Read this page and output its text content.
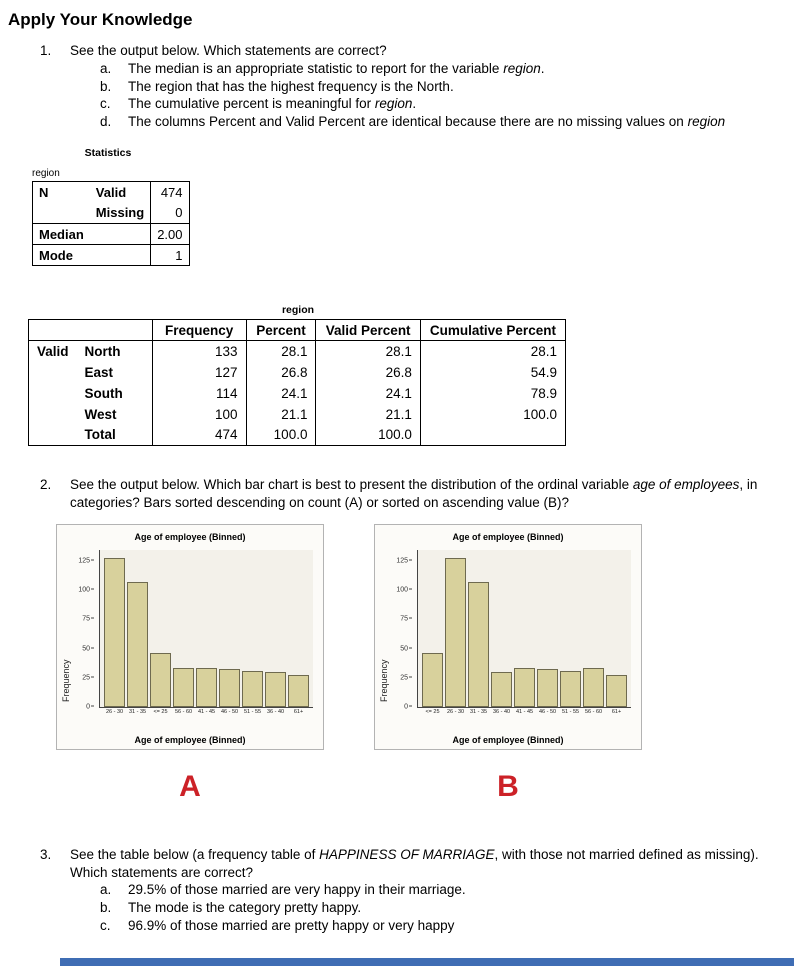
Apply Your Knowledge
1.	See the output below. Which statements are correct?
a.	The median is an appropriate statistic to report for the variable region.
b.	The region that has the highest frequency is the North.
c.	The cumulative percent is meaningful for region.
d.	The columns Percent and Valid Percent are identical because there are no missing values on region
Statistics
region
N	Valid	474
	Missing	0
Median		2.00
Mode		1
region
		Frequency	Percent	Valid Percent	Cumulative Percent
Valid	North	133	28.1	28.1	28.1
	East	127	26.8	26.8	54.9
	South	114	24.1	24.1	78.9
	West	100	21.1	21.1	100.0
	Total	474	100.0	100.0	
2.	See the output below. Which bar chart is best to present the distribution of the ordinal variable age of employees, in categories? Bars sorted descending on count (A) or sorted on ascending value (B)?
Age of employee (Binned)
Frequency
0
25
50
75
100
125
26 - 30 31 - 35 <= 25 56 - 60 41 - 45 46 - 50 51 - 55 36 - 40 61+
Age of employee (Binned)
Age of employee (Binned)
Frequency
0
25
50
75
100
125
<= 25 26 - 30 31 - 35 36 - 40 41 - 45 46 - 50 51 - 55 56 - 60 61+
Age of employee (Binned)
A	B
3.	See the table below (a frequency table of HAPPINESS OF MARRIAGE, with those not married defined as missing). Which statements are correct?
a.	29.5% of those married are very happy in their marriage.
b.	The mode is the category pretty happy.
c.	96.9% of those married are pretty happy or very happy
